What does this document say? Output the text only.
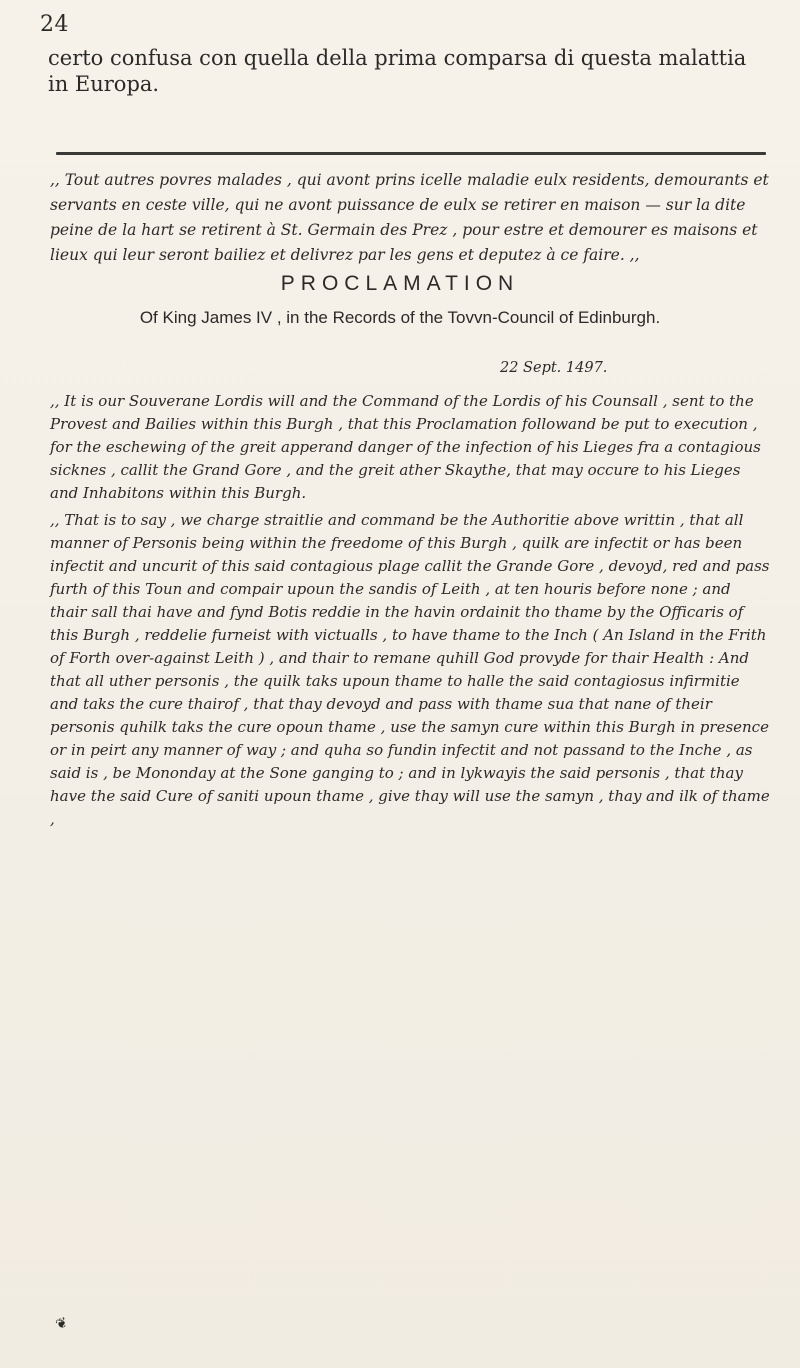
24
certo confusa con quella della prima comparsa di questa malattia in Europa.
,, Tout autres povres malades , qui avont prins icelle maladie eulx residents, demourants et servants en ceste ville, qui ne avont puissance de eulx se retirer en maison — sur la dite peine de la hart se retirent à St. Germain des Prez , pour estre et demourer es maisons et lieux qui leur seront bailiez et delivrez par les gens et deputez à ce faire. ,,
PROCLAMATION
Of King James IV , in the Records of the Tovvn-Council of Edinburgh.
22 Sept. 1497.

,, It is our Souverane Lordis will and the Command of the Lordis of his Counsall , sent to the Provest and Bailies within this Burgh , that this Proclamation followand be put to execution , for the eschewing of the greit apperand danger of the infection of his Lieges fra a contagious sicknes , callit the Grand Gore , and the greit ather Skaythe, that may occure to his Lieges and Inhabitons within this Burgh.

,, That is to say , we charge straitlie and command be the Authoritie above writtin , that all manner of Personis being within the freedome of this Burgh , quilk are infectit or has been infectit and uncurit of this said contagious plage callit the Grande Gore , devoyd, red and pass furth of this Toun and compair upoun the sandis of Leith , at ten houris before none ; and thair sall thai have and fynd Botis reddie in the havin ordainit tho thame by the Officaris of this Burgh , reddelie furneist with victualls , to have thame to the Inch ( An Island in the Frith of Forth over-against Leith ) , and thair to remane quhill God provyde for thair Health : And that all uther personis , the quilk taks upoun thame to halle the said contagiosus infirmitie and taks the cure thairof , that thay devoyd and pass with thame sua that nane of their personis quhilk taks the cure opoun thame , use the samyn cure within this Burgh in presence or in peirt any manner of way ; and quha so fundin infectit and not passand to the Inche , as said is , be Mononday at the Sone ganging to ; and in lykwayis the said personis , that thay have the said Cure of saniti upoun thame , give thay will use the samyn , thay and ilk of thame ,

❦
